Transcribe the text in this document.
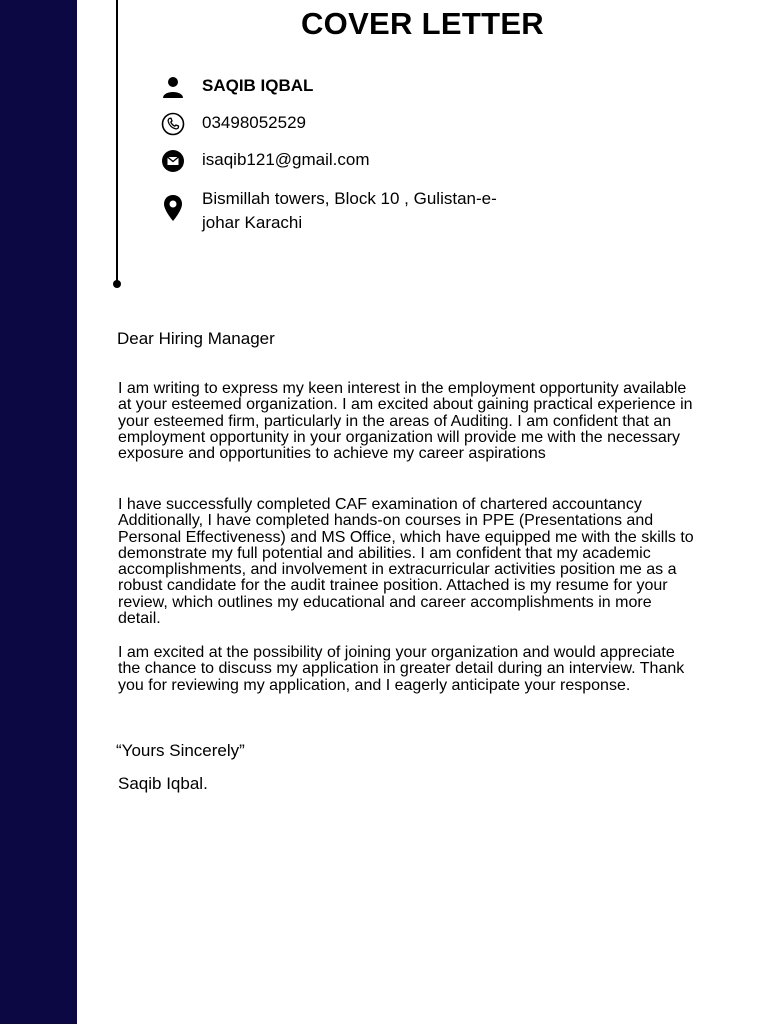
COVER LETTER
SAQIB IQBAL
03498052529
isaqib121@gmail.com
Bismillah towers, Block 10 , Gulistan-e-
johar Karachi
Dear Hiring Manager

I am writing to express my keen interest in the employment opportunity available at your esteemed organization. I am excited about gaining practical experience in your esteemed firm, particularly in the areas of Auditing. I am confident that an employment opportunity in your organization will provide me with the necessary exposure and opportunities to achieve my career aspirations

I have successfully completed CAF examination of chartered accountancy Additionally, I have completed hands-on courses in PPE (Presentations and Personal Effectiveness) and MS Office, which have equipped me with the skills to demonstrate my full potential and abilities. I am confident that my academic accomplishments, and involvement in extracurricular activities position me as a robust candidate for the audit trainee position. Attached is my resume for your review, which outlines my educational and career accomplishments in more detail.

I am excited at the possibility of joining your organization and would appreciate the chance to discuss my application in greater detail during an interview. Thank you for reviewing my application, and I eagerly anticipate your response.

“Yours Sincerely”
Saqib Iqbal.
